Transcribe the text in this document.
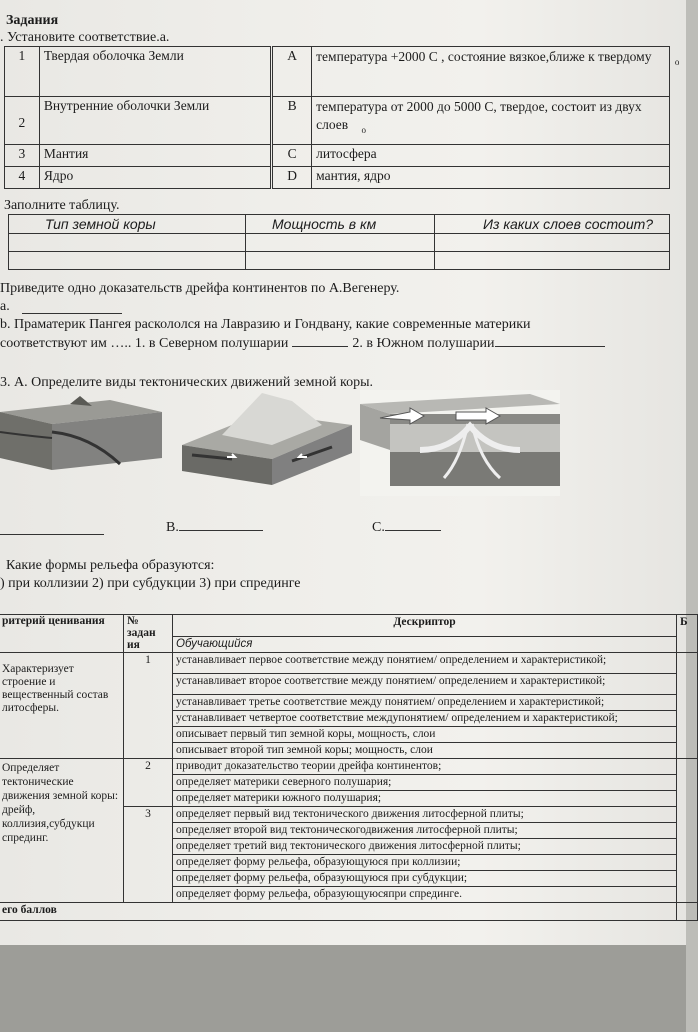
Задания
. Установите соответствие.а.
1	Твердая оболочка Земли	А	температура +2000 С , состояние вязкое,ближе к твердому $_о$
2	Внутренние оболочки Земли	В	температура от 2000 до 5000 С, твердое, состоит из двух слоев $_о$
3	Мантия	С	литосфера
4	Ядро	D	мантия, ядро
Заполните таблицу.
Тип земной коры	Мощность в км	Из каких слоев состоит?

Приведите одно доказательств дрейфа континентов по А.Вегенеру.
а.
b. Праматерик Пангея раскололся на Лавразию и Гондвану, какие современные материки
соответствуют им ….. 1. в Северном полушарии	2. в Южном полушарии
3. А. Определите виды тектонических движений земной коры.
В.	С.
Какие формы рельефа образуются:
) при коллизии 2) при субдукции 3) при спрединге
ритерий ценивания	№ задан ия	Дескриптор	Б
		Обучающийся	
Характеризует строение и вещественный состав литосферы.	1	устанавливает первое соответствие между понятием/ определением и характеристикой;	
		устанавливает второе соответствие между понятием/ определением и характеристикой;	
		устанавливает третье соответствие между понятием/ определением и характеристикой;	
		устанавливает четвертое соответствие междупонятием/ определением и характеристикой;	
		описывает первый тип земной коры, мощность, слои	
		описывает второй тип земной коры; мощность, слои	
Определяет тектонические движения земной коры: дрейф, коллизия,субдукци спрединг.	2	приводит доказательство теории дрейфа континентов;	
		определяет материки северного полушария;	
		определяет материки южного полушария;	
	3	определяет первый вид тектонического движения литосферной плиты;	
		определяет второй вид тектоническогодвижения литосферной плиты;	
		определяет третий вид тектонического движения литосферной плиты;	
		определяет форму рельефа, образующуюся при коллизии;	
		определяет форму рельефа, образующуюся при субдукции;	
		определяет форму рельефа, образующуюсяпри спрединге.	
его баллов			
